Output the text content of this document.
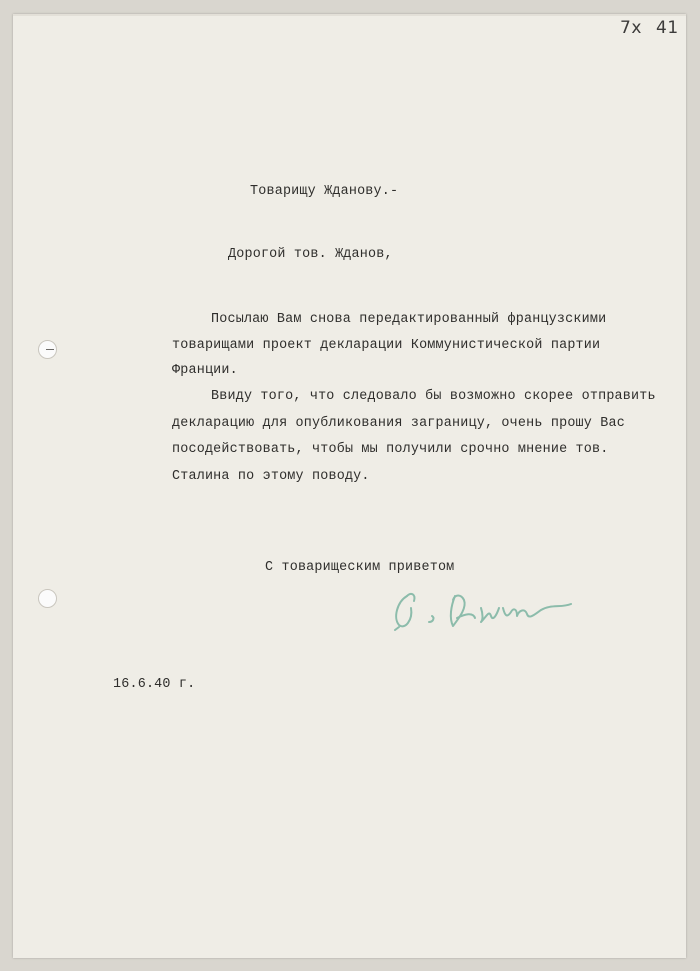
7x 41
Товарищу Жданову.-
Дорогой тов. Жданов,
Посылаю Вам снова передактированный французскими
товарищами проект декларации Коммунистической партии
Франции.
Ввиду того, что следовало бы возможно скорее отправить
декларацию для опубликования заграницу, очень прошу Вас
посодействовать, чтобы мы получили срочно мнение тов.
Сталина по этому поводу.
С товарищеским приветом
16.6.40 г.
